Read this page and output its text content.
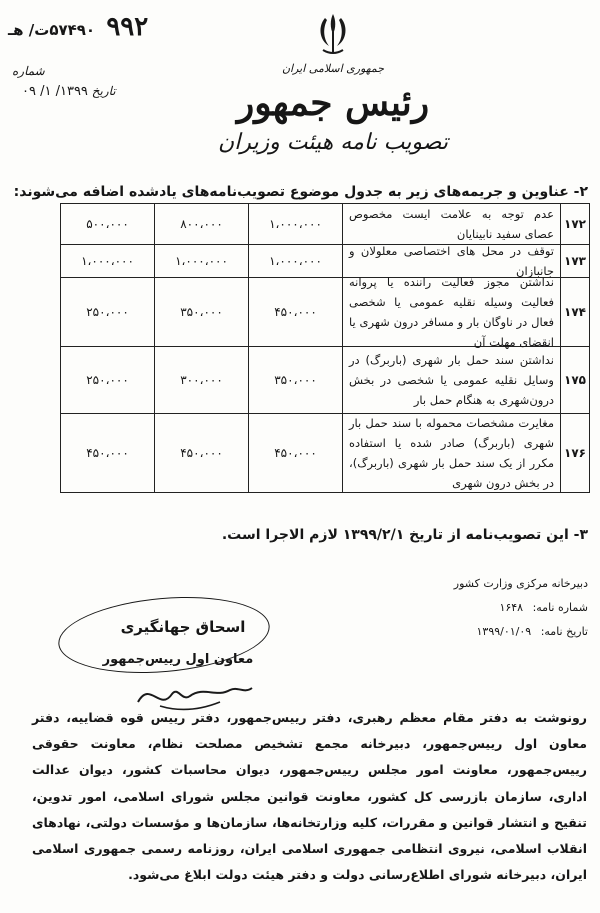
۹۹۲ ۵۷۴۹۰ت/ هـ
شماره
تاریخ ۱۳۹۹/ ۱/ ۰۹
جمهوری اسلامی ایران
رئیس جمهور
تصویب نامه هیئت وزیران
۲- عناوین و جریمه‌های زیر به جدول موضوع تصویب‌نامه‌های یادشده اضافه می‌شوند:
۱۷۲
عدم توجه به علامت ایست مخصوص عصای سفید نابینایان
۱،۰۰۰،۰۰۰
۸۰۰،۰۰۰
۵۰۰،۰۰۰
۱۷۳
توقف در محل های اختصاصی معلولان و جانبازان
۱،۰۰۰،۰۰۰
۱،۰۰۰،۰۰۰
۱،۰۰۰،۰۰۰
۱۷۴
نداشتن مجوز فعالیت راننده یا پروانه فعالیت وسیله نقلیه عمومی یا شخصی فعال در ناوگان بار و مسافر درون شهری یا انقضای مهلت آن
۴۵۰،۰۰۰
۳۵۰،۰۰۰
۲۵۰،۰۰۰
۱۷۵
نداشتن سند حمل بار شهری (باربرگ) در وسایل نقلیه عمومی یا شخصی در بخش درون‌شهری به هنگام حمل بار
۳۵۰،۰۰۰
۳۰۰،۰۰۰
۲۵۰،۰۰۰
۱۷۶
مغایرت مشخصات محموله با سند حمل بار شهری (باربرگ) صادر شده یا استفاده مکرر از یک سند حمل بار شهری (باربرگ)، در بخش درون شهری
۴۵۰،۰۰۰
۴۵۰،۰۰۰
۴۵۰،۰۰۰
۳- این تصویب‌نامه از تاریخ ۱۳۹۹/۲/۱ لازم الاجرا است.
دبیرخانه مرکزی وزارت کشور
شماره نامه: ۱۶۴۸
تاریخ نامه: ۱۳۹۹/۰۱/۰۹
اسحاق جهانگیری
معاون اول رییس‌جمهور
رونوشت به دفتر مقام معظم رهبری، دفتر رییس‌جمهور، دفتر رییس قوه قضاییه، دفتر معاون اول رییس‌جمهور، دبیرخانه مجمع تشخیص مصلحت نظام، معاونت حقوقی رییس‌جمهور، معاونت امور مجلس رییس‌جمهور، دیوان محاسبات کشور، دیوان عدالت اداری، سازمان بازرسی کل کشور، معاونت قوانین مجلس شورای اسلامی، امور تدوین، تنقیح و انتشار قوانین و مقررات، کلیه وزارتخانه‌ها، سازمان‌ها و مؤسسات دولتی، نهادهای انقلاب اسلامی، نیروی انتظامی جمهوری اسلامی ایران، روزنامه رسمی جمهوری اسلامی ایران، دبیرخانه شورای اطلاع‌رسانی دولت و دفتر هیئت دولت ابلاغ می‌شود.
